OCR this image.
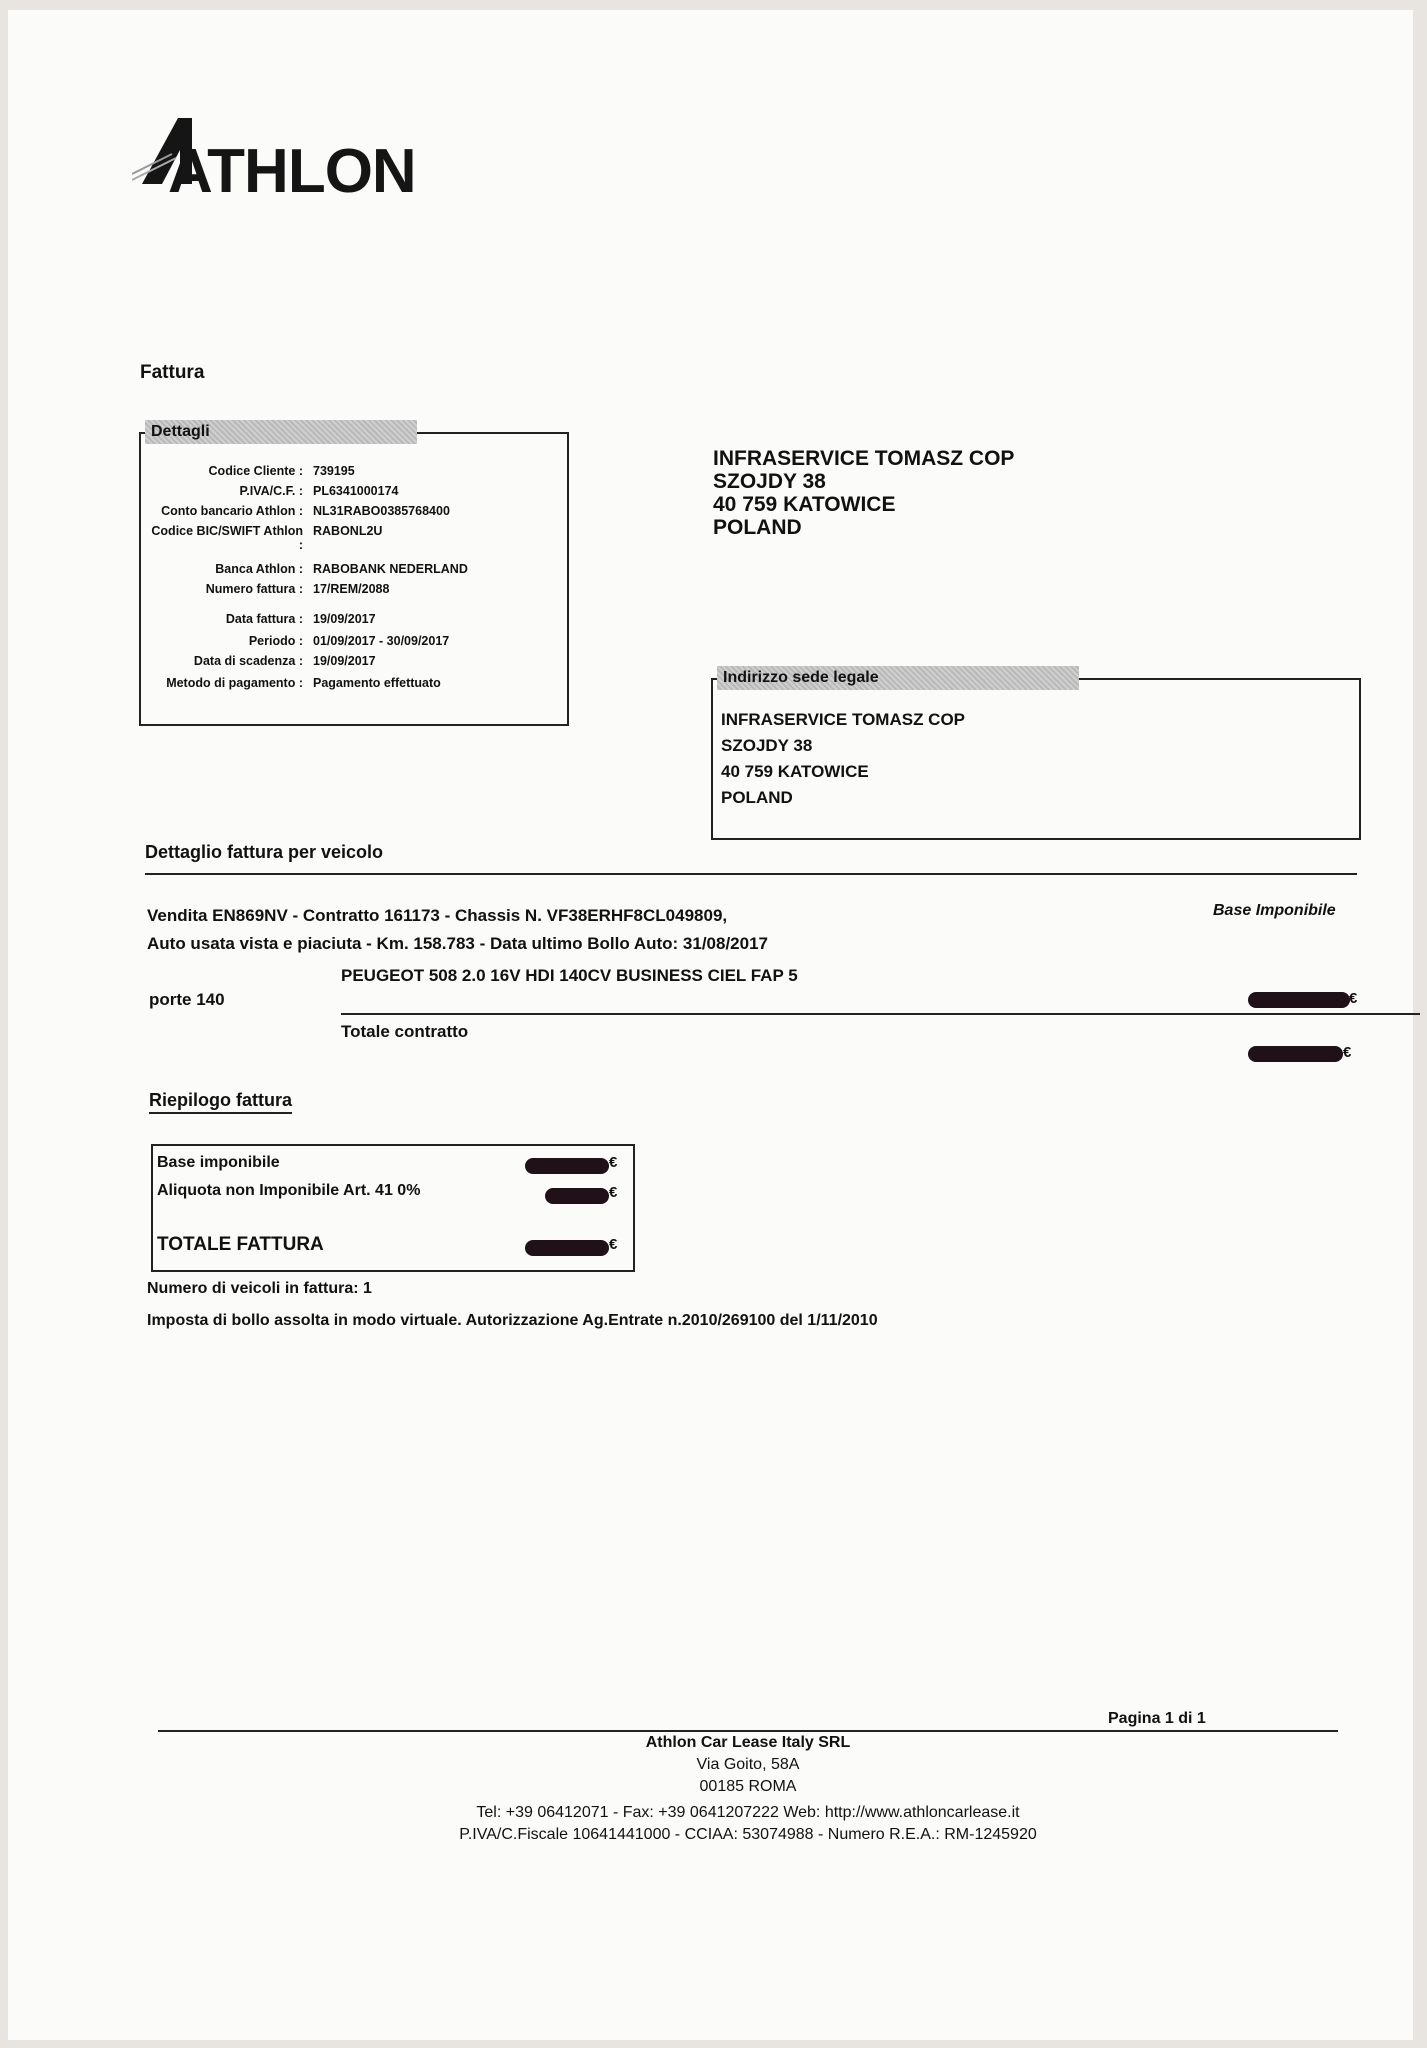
ATHLON
Fattura
Dettagli
Codice Cliente : 739195
P.IVA/C.F. : PL6341000174
Conto bancario Athlon : NL31RABO0385768400
Codice BIC/SWIFT Athlon RABONL2U
:
Banca Athlon : RABOBANK NEDERLAND
Numero fattura : 17/REM/2088
Data fattura : 19/09/2017
Periodo : 01/09/2017 - 30/09/2017
Data di scadenza : 19/09/2017
Metodo di pagamento : Pagamento effettuato
INFRASERVICE TOMASZ COP
SZOJDY 38
40 759 KATOWICE
POLAND
Indirizzo sede legale
INFRASERVICE TOMASZ COP
SZOJDY 38
40 759 KATOWICE
POLAND
Dettaglio fattura per veicolo
Base Imponibile
Vendita EN869NV - Contratto 161173 - Chassis N. VF38ERHF8CL049809,
Auto usata vista e piaciuta - Km. 158.783 - Data ultimo Bollo Auto: 31/08/2017
PEUGEOT 508 2.0 16V HDI 140CV BUSINESS CIEL FAP 5
porte 140	€
Totale contratto
€
Riepilogo fattura
Base imponibile	€
Aliquota non Imponibile Art. 41 0%	€
TOTALE FATTURA	€
Numero di veicoli in fattura: 1
Imposta di bollo assolta in modo virtuale. Autorizzazione Ag.Entrate n.2010/269100 del 1/11/2010
Pagina 1 di 1
Athlon Car Lease Italy SRL
Via Goito, 58A
00185 ROMA
Tel: +39 06412071 - Fax: +39 0641207222 Web: http://www.athloncarlease.it
P.IVA/C.Fiscale 10641441000 - CCIAA: 53074988 - Numero R.E.A.: RM-1245920
